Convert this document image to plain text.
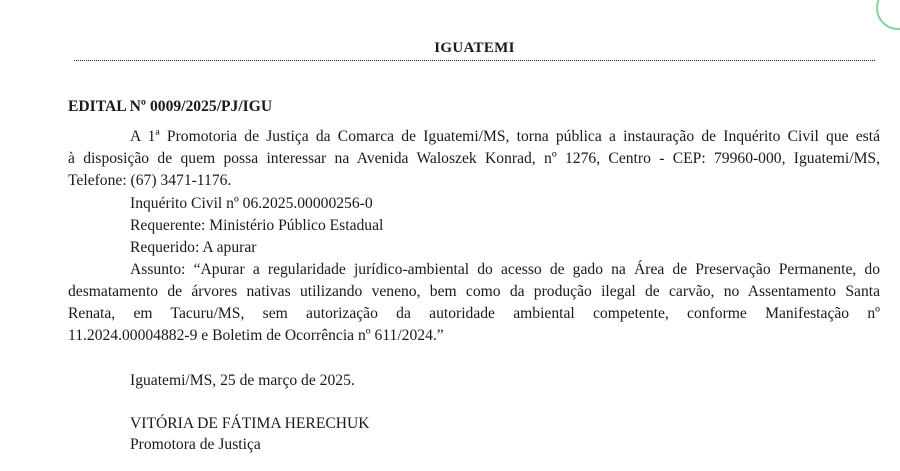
IGUATEMI
EDITAL Nº 0009/2025/PJ/IGU
A 1ª Promotoria de Justiça da Comarca de Iguatemi/MS, torna pública a instauração de Inquérito Civil que está
à disposição de quem possa interessar na Avenida Waloszek Konrad, nº 1276, Centro - CEP: 79960-000, Iguatemi/MS,
Telefone: (67) 3471-1176.
Inquérito Civil nº 06.2025.00000256-0
Requerente: Ministério Público Estadual
Requerido: A apurar
Assunto: “Apurar a regularidade jurídico-ambiental do acesso de gado na Área de Preservação Permanente, do
desmatamento de árvores nativas utilizando veneno, bem como da produção ilegal de carvão, no Assentamento Santa
Renata, em Tacuru/MS, sem autorização da autoridade ambiental competente, conforme Manifestação nº
11.2024.00004882-9 e Boletim de Ocorrência nº 611/2024.”
Iguatemi/MS, 25 de março de 2025.
VITÓRIA DE FÁTIMA HERECHUK
Promotora de Justiça
